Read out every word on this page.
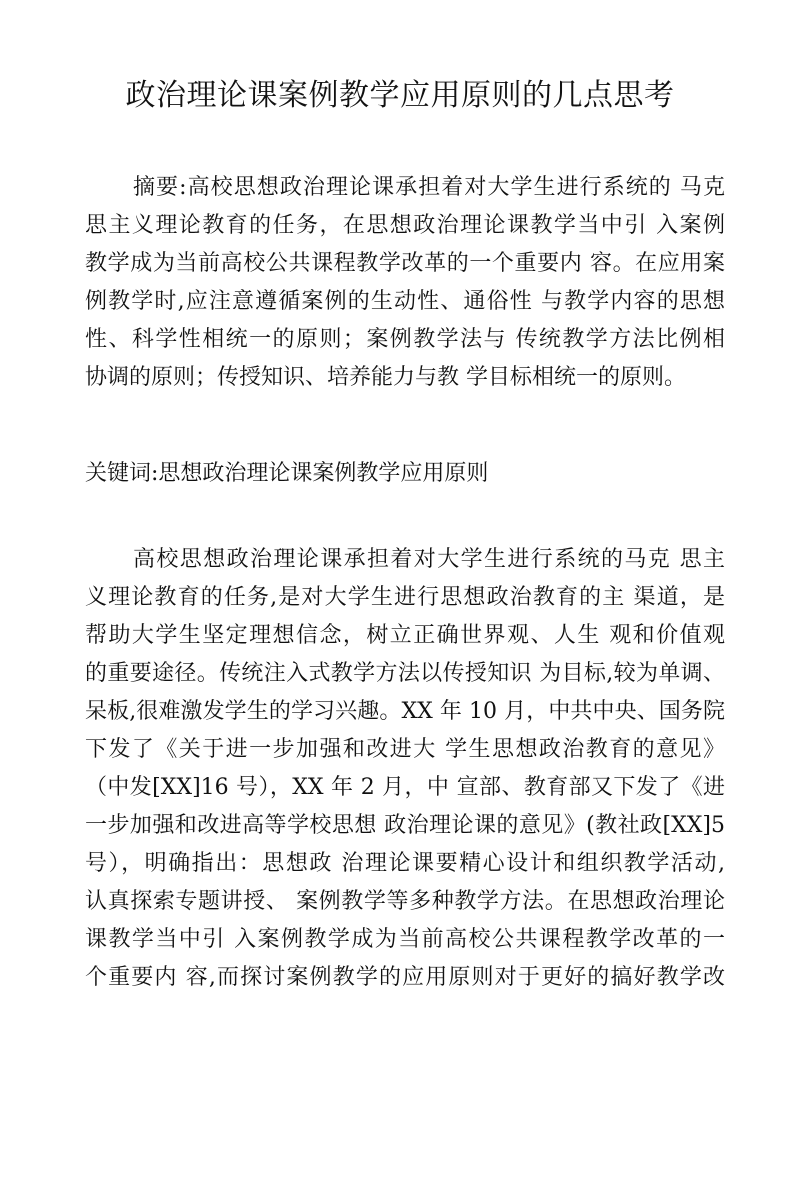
政治理论课案例教学应用原则的几点思考
摘要:高校思想政治理论课承担着对大学生进行系统的 马克
思主义理论教育的任务，在思想政治理论课教学当中引 入案例
教学成为当前高校公共课程教学改革的一个重要内 容。在应用案
例教学时,应注意遵循案例的生动性、通俗性 与教学内容的思想
性、科学性相统一的原则；案例教学法与 传统教学方法比例相
协调的原则；传授知识、培养能力与教 学目标相统一的原则。
关键词:思想政治理论课案例教学应用原则
高校思想政治理论课承担着对大学生进行系统的马克 思主
义理论教育的任务,是对大学生进行思想政治教育的主 渠道，是
帮助大学生坚定理想信念，树立正确世界观、人生 观和价值观
的重要途径。传统注入式教学方法以传授知识 为目标,较为单调、
呆板,很难激发学生的学习兴趣。XX 年 10 月，中共中央、国务院
下发了《关于进一步加强和改进大 学生思想政治教育的意见》
（中发[XX]16 号），XX 年 2 月，中 宣部、教育部又下发了《进
一步加强和改进高等学校思想 政治理论课的意见》(教社政[XX]5
号），明确指出：思想政 治理论课要精心设计和组织教学活动,
认真探索专题讲授、 案例教学等多种教学方法。在思想政治理论
课教学当中引 入案例教学成为当前高校公共课程教学改革的一
个重要内 容,而探讨案例教学的应用原则对于更好的搞好教学改
